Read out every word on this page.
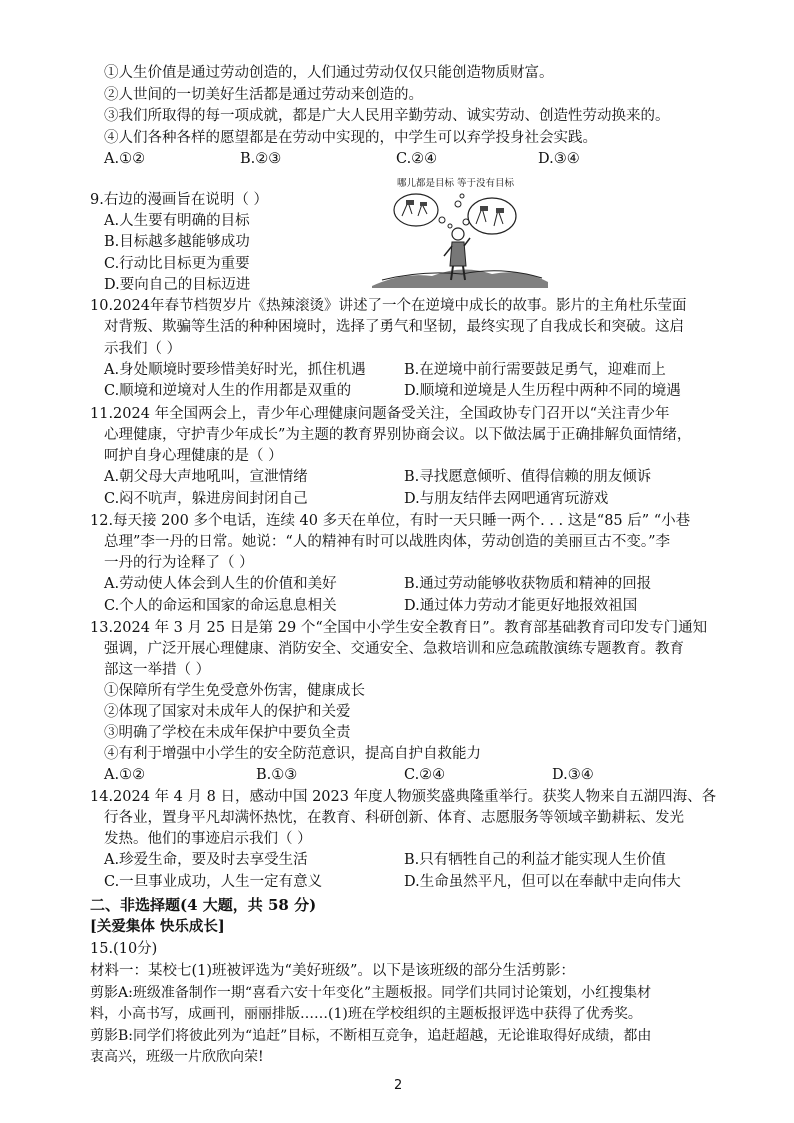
①人生价值是通过劳动创造的，人们通过劳动仅仅只能创造物质财富。
②人世间的一切美好生活都是通过劳动来创造的。
③我们所取得的每一项成就，都是广大人民用辛勤劳动、诚实劳动、创造性劳动换来的。
④人们各种各样的愿望都是在劳动中实现的，中学生可以弃学投身社会实践。
A.①②	B.②③	C.②④	D.③④
9.右边的漫画旨在说明（ ）
A.人生要有明确的目标
B.目标越多越能够成功
C.行动比目标更为重要
D.要向自己的目标迈进
哪儿都是目标 等于没有目标
10.2024年春节档贺岁片《热辣滚烫》讲述了一个在逆境中成长的故事。影片的主角杜乐莹面
对背叛、欺骗等生活的种种困境时，选择了勇气和坚韧，最终实现了自我成长和突破。这启
示我们（ ）
A.身处顺境时要珍惜美好时光，抓住机遇	B.在逆境中前行需要鼓足勇气，迎难而上
C.顺境和逆境对人生的作用都是双重的	D.顺境和逆境是人生历程中两种不同的境遇
11.2024 年全国两会上，青少年心理健康问题备受关注，全国政协专门召开以“关注青少年
心理健康，守护青少年成长”为主题的教育界别协商会议。以下做法属于正确排解负面情绪，
呵护自身心理健康的是（ ）
A.朝父母大声地吼叫，宣泄情绪	B.寻找愿意倾听、值得信赖的朋友倾诉
C.闷不吭声，躲进房间封闭自己	D.与朋友结伴去网吧通宵玩游戏
12.每天接 200 多个电话，连续 40 多天在单位，有时一天只睡一两个. . . 这是“85 后” “小巷
总理”李一丹的日常。她说：“人的精神有时可以战胜肉体，劳动创造的美丽亘古不变。”李
一丹的行为诠释了（ ）
A.劳动使人体会到人生的价值和美好	B.通过劳动能够收获物质和精神的回报
C.个人的命运和国家的命运息息相关	D.通过体力劳动才能更好地报效祖国
13.2024 年 3 月 25 日是第 29 个“全国中小学生安全教育日”。教育部基础教育司印发专门通知
强调，广泛开展心理健康、消防安全、交通安全、急救培训和应急疏散演练专题教育。教育
部这一举措（ ）
①保障所有学生免受意外伤害，健康成长
②体现了国家对未成年人的保护和关爱
③明确了学校在未成年保护中要负全责
④有利于增强中小学生的安全防范意识，提高自护自救能力
A.①②	B.①③	C.②④	D.③④
14.2024 年 4 月 8 日，感动中国 2023 年度人物颁奖盛典隆重举行。获奖人物来自五湖四海、各
行各业，置身平凡却满怀热忱，在教育、科研创新、体育、志愿服务等领域辛勤耕耘、发光
发热。他们的事迹启示我们（ ）
A.珍爱生命，要及时去享受生活	B.只有牺牲自己的利益才能实现人生价值
C.一旦事业成功，人生一定有意义	D.生命虽然平凡，但可以在奉献中走向伟大
二、非选择题(4 大题，共 58 分)
[关爱集体 快乐成长]
15.(10分)
材料一：某校七(1)班被评选为“美好班级”。以下是该班级的部分生活剪影：
剪影A:班级准备制作一期“喜看六安十年变化”主题板报。同学们共同讨论策划，小红搜集材
料，小高书写，成画刊，丽丽排版……(1)班在学校组织的主题板报评选中获得了优秀奖。
剪影B:同学们将彼此列为“追赶”目标，不断相互竞争，追赶超越，无论谁取得好成绩，都由
衷高兴，班级一片欣欣向荣!
2
